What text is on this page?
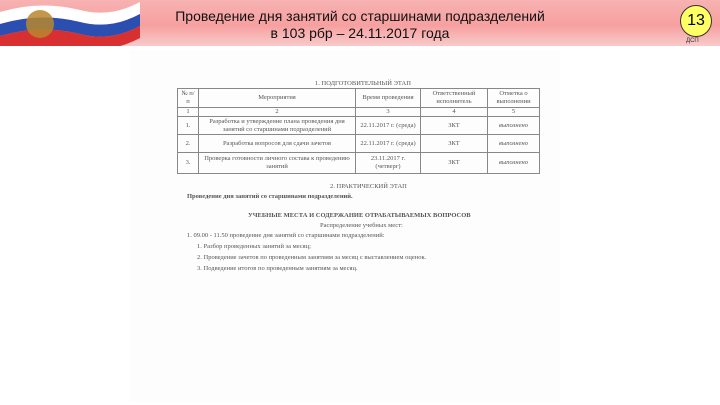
Проведение дня занятий со старшинами подразделений
в 103 рбр – 24.11.2017 года
13
ДСП
1. ПОДГОТОВИТЕЛЬНЫЙ ЭТАП
№ п/п	Мероприятия	Время проведения	Ответственный исполнитель	Отметка о выполнении
1	2	3	4	5
1.	Разработка и утверждение плана проведения дня занятий со старшинами подразделений	22.11.2017 г. (среда)	ЗКТ	выполнено
2.	Разработка вопросов для сдачи зачетов	22.11.2017 г. (среда)	ЗКТ	выполнено
3.	Проверка готовности личного состава к проведению занятий	23.11.2017 г. (четверг)	ЗКТ	выполнено
2. ПРАКТИЧЕСКИЙ ЭТАП
Проведение дня занятий со старшинами подразделений.
УЧЕБНЫЕ МЕСТА И СОДЕРЖАНИЕ ОТРАБАТЫВАЕМЫХ ВОПРОСОВ
Распределение учебных мест:
1. 09.00 - 11.50 проведение дня занятий со старшинами подразделений:
1. Разбор проведенных занятий за месяц;
2. Проведение зачетов по проведенным занятиям за месяц с выставлением оценок.
3. Подведение итогов по проведенным занятиям за месяц.
